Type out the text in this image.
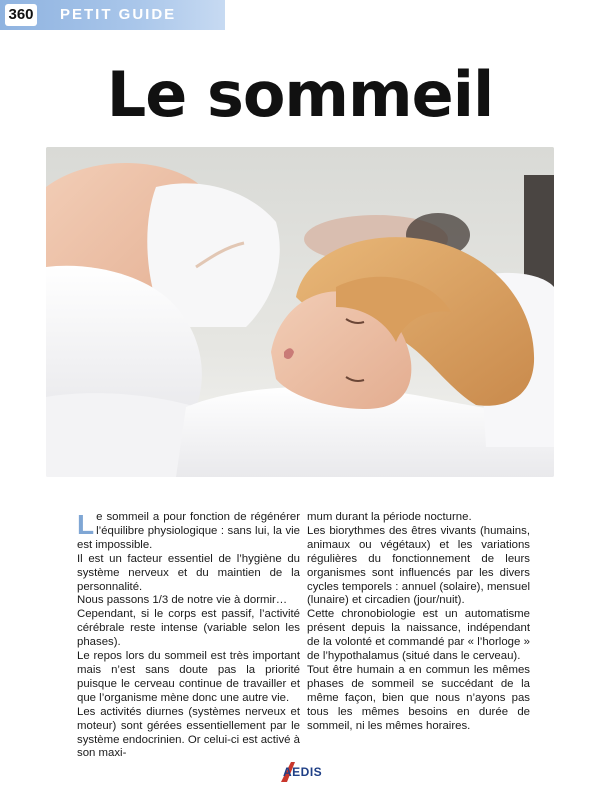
360 PETIT GUIDE
Le sommeil

Le sommeil a pour fonction de régénérer l’équilibre physiologique : sans lui, la vie est impossible.

Il est un facteur essentiel de l’hygiène du système nerveux et du maintien de la personnalité.

Nous passons 1/3 de notre vie à dormir…

Cependant, si le corps est passif, l’activité cérébrale reste intense (variable selon les phases).

Le repos lors du sommeil est très important mais n’est sans doute pas la priorité puisque le cerveau continue de travailler et que l’organisme mène donc une autre vie.

Les activités diurnes (systèmes nerveux et moteur) sont gérées essentiellement par le système endocrinien. Or celui-ci est activé à son maxi-

mum durant la période nocturne.

Les biorythmes des êtres vivants (humains, animaux ou végétaux) et les variations régulières du fonctionnement de leurs organismes sont influencés par les divers cycles temporels : annuel (solaire), mensuel (lunaire) et circadien (jour/nuit).

Cette chronobiologie est un automatisme présent depuis la naissance, indépendant de la volonté et commandé par « l’horloge » de l’hypothalamus (situé dans le cerveau).

Tout être humain a en commun les mêmes phases de sommeil se succédant de la même façon, bien que nous n’ayons pas tous les mêmes besoins en durée de sommeil, ni les mêmes horaires.

AEDIS
